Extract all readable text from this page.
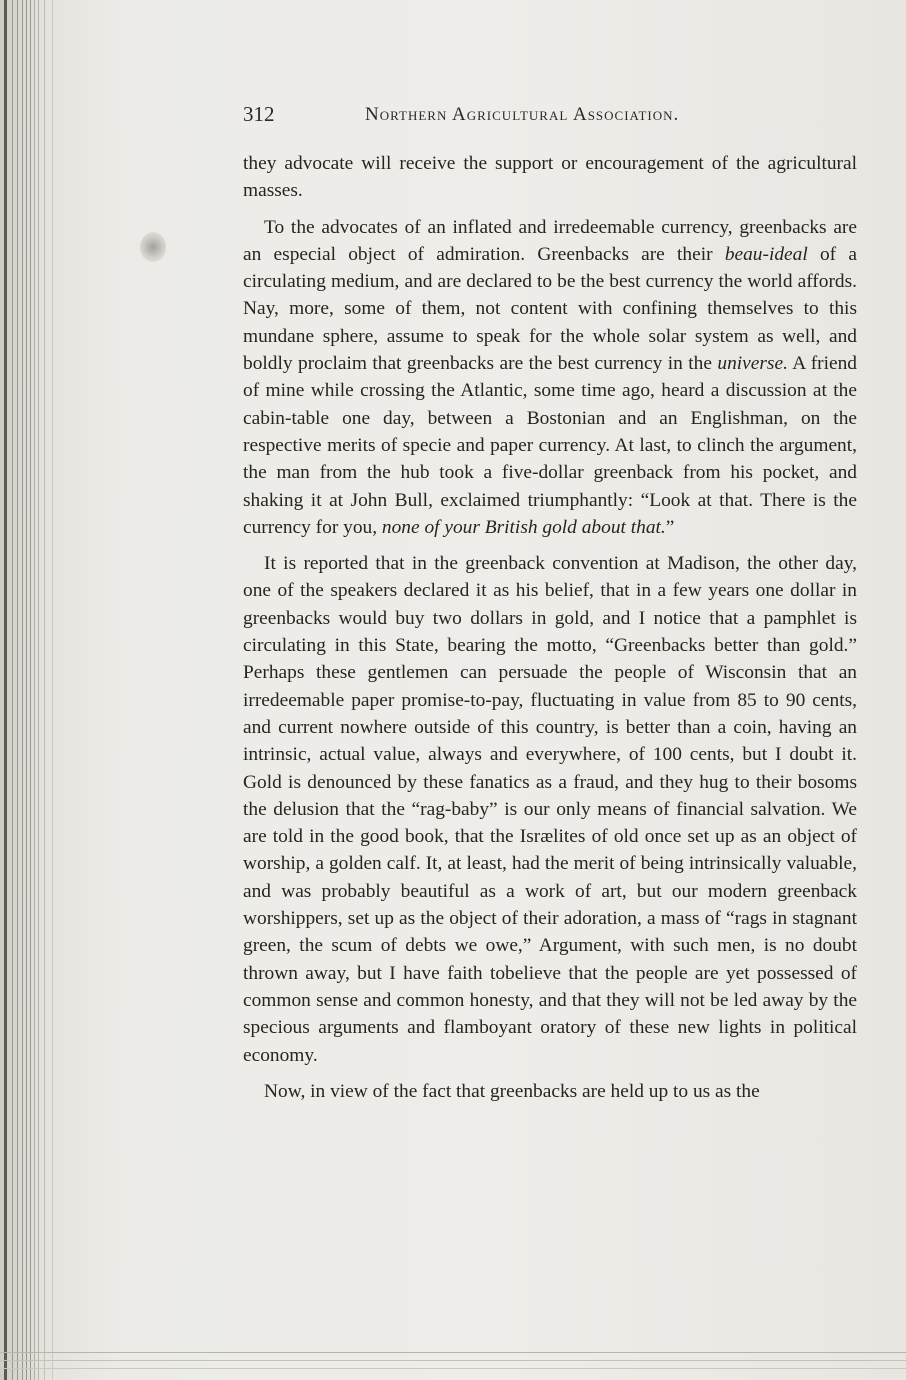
312	Northern Agricultural Association.

they advocate will receive the support or encouragement of the agricultural masses.

To the advocates of an inflated and irredeemable currency, greenbacks are an especial object of admiration. Greenbacks are their beau-ideal of a circulating medium, and are declared to be the best currency the world affords. Nay, more, some of them, not content with confining themselves to this mundane sphere, assume to speak for the whole solar system as well, and boldly proclaim that greenbacks are the best currency in the universe. A friend of mine while crossing the Atlantic, some time ago, heard a discussion at the cabin-table one day, between a Bostonian and an Englishman, on the respective merits of specie and paper currency. At last, to clinch the argument, the man from the hub took a five-dollar greenback from his pocket, and shaking it at John Bull, exclaimed triumphantly: “Look at that. There is the currency for you, none of your British gold about that.”

It is reported that in the greenback convention at Madison, the other day, one of the speakers declared it as his belief, that in a few years one dollar in greenbacks would buy two dollars in gold, and I notice that a pamphlet is circulating in this State, bearing the motto, “Greenbacks better than gold.” Perhaps these gentlemen can persuade the people of Wisconsin that an irredeemable paper promise-to-pay, fluctuating in value from 85 to 90 cents, and current nowhere outside of this country, is better than a coin, having an intrinsic, actual value, always and everywhere, of 100 cents, but I doubt it. Gold is denounced by these fanatics as a fraud, and they hug to their bosoms the delusion that the “rag-baby” is our only means of financial salvation. We are told in the good book, that the Isrælites of old once set up as an object of worship, a golden calf. It, at least, had the merit of being intrinsically valuable, and was probably beautiful as a work of art, but our modern greenback worshippers, set up as the object of their adoration, a mass of “rags in stagnant green, the scum of debts we owe,” Argument, with such men, is no doubt thrown away, but I have faith tobelieve that the people are yet possessed of common sense and common honesty, and that they will not be led away by the specious arguments and flamboyant oratory of these new lights in political economy.

Now, in view of the fact that greenbacks are held up to us as the
